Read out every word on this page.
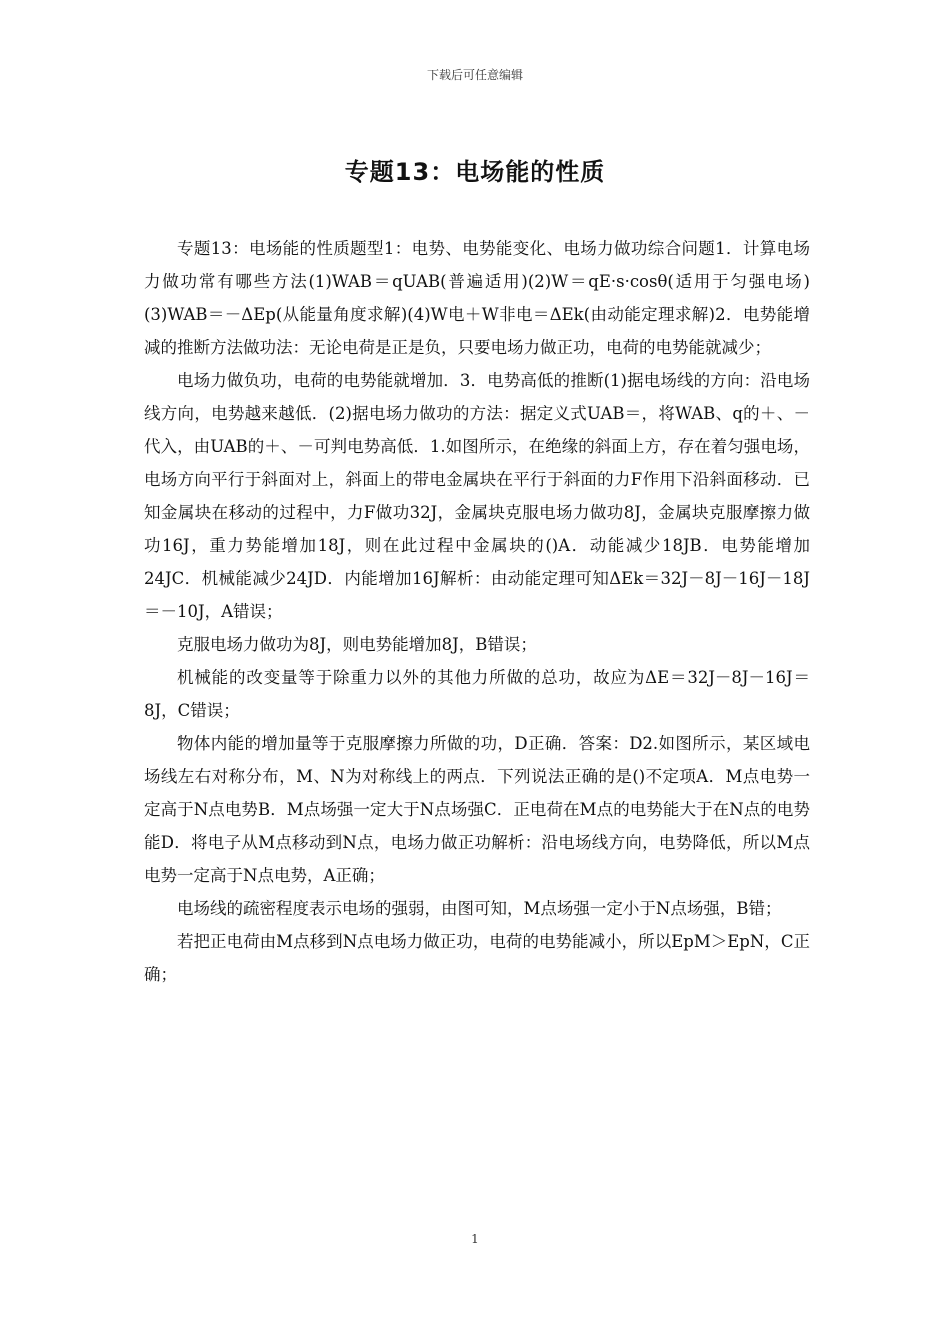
下载后可任意编辑
专题13：电场能的性质

专题13：电场能的性质题型1：电势、电势能变化、电场力做功综合问题1．计算电场力做功常有哪些方法(1)WAB＝qUAB(普遍适用)(2)W＝qE·s·cosθ(适用于匀强电场)(3)WAB＝－ΔEp(从能量角度求解)(4)W电＋W非电＝ΔEk(由动能定理求解)2．电势能增减的推断方法做功法：无论电荷是正是负，只要电场力做正功，电荷的电势能就减少；

电场力做负功，电荷的电势能就增加．3．电势高低的推断(1)据电场线的方向：沿电场线方向，电势越来越低．(2)据电场力做功的方法：据定义式UAB＝，将WAB、q的＋、－代入，由UAB的＋、－可判电势高低．1.如图所示，在绝缘的斜面上方，存在着匀强电场，电场方向平行于斜面对上，斜面上的带电金属块在平行于斜面的力F作用下沿斜面移动．已知金属块在移动的过程中，力F做功32J，金属块克服电场力做功8J，金属块克服摩擦力做功16J，重力势能增加18J，则在此过程中金属块的()A．动能减少18JB．电势能增加24JC．机械能减少24JD．内能增加16J解析：由动能定理可知ΔEk＝32J－8J－16J－18J＝－10J，A错误；

克服电场力做功为8J，则电势能增加8J，B错误；

机械能的改变量等于除重力以外的其他力所做的总功，故应为ΔE＝32J－8J－16J＝8J，C错误；

物体内能的增加量等于克服摩擦力所做的功，D正确．答案：D2.如图所示，某区域电场线左右对称分布，M、N为对称线上的两点．下列说法正确的是()不定项A．M点电势一定高于N点电势B．M点场强一定大于N点场强C．正电荷在M点的电势能大于在N点的电势能D．将电子从M点移动到N点，电场力做正功解析：沿电场线方向，电势降低，所以M点电势一定高于N点电势，A正确；

电场线的疏密程度表示电场的强弱，由图可知，M点场强一定小于N点场强，B错；

若把正电荷由M点移到N点电场力做正功，电荷的电势能减小，所以EpM＞EpN，C正确；

1
